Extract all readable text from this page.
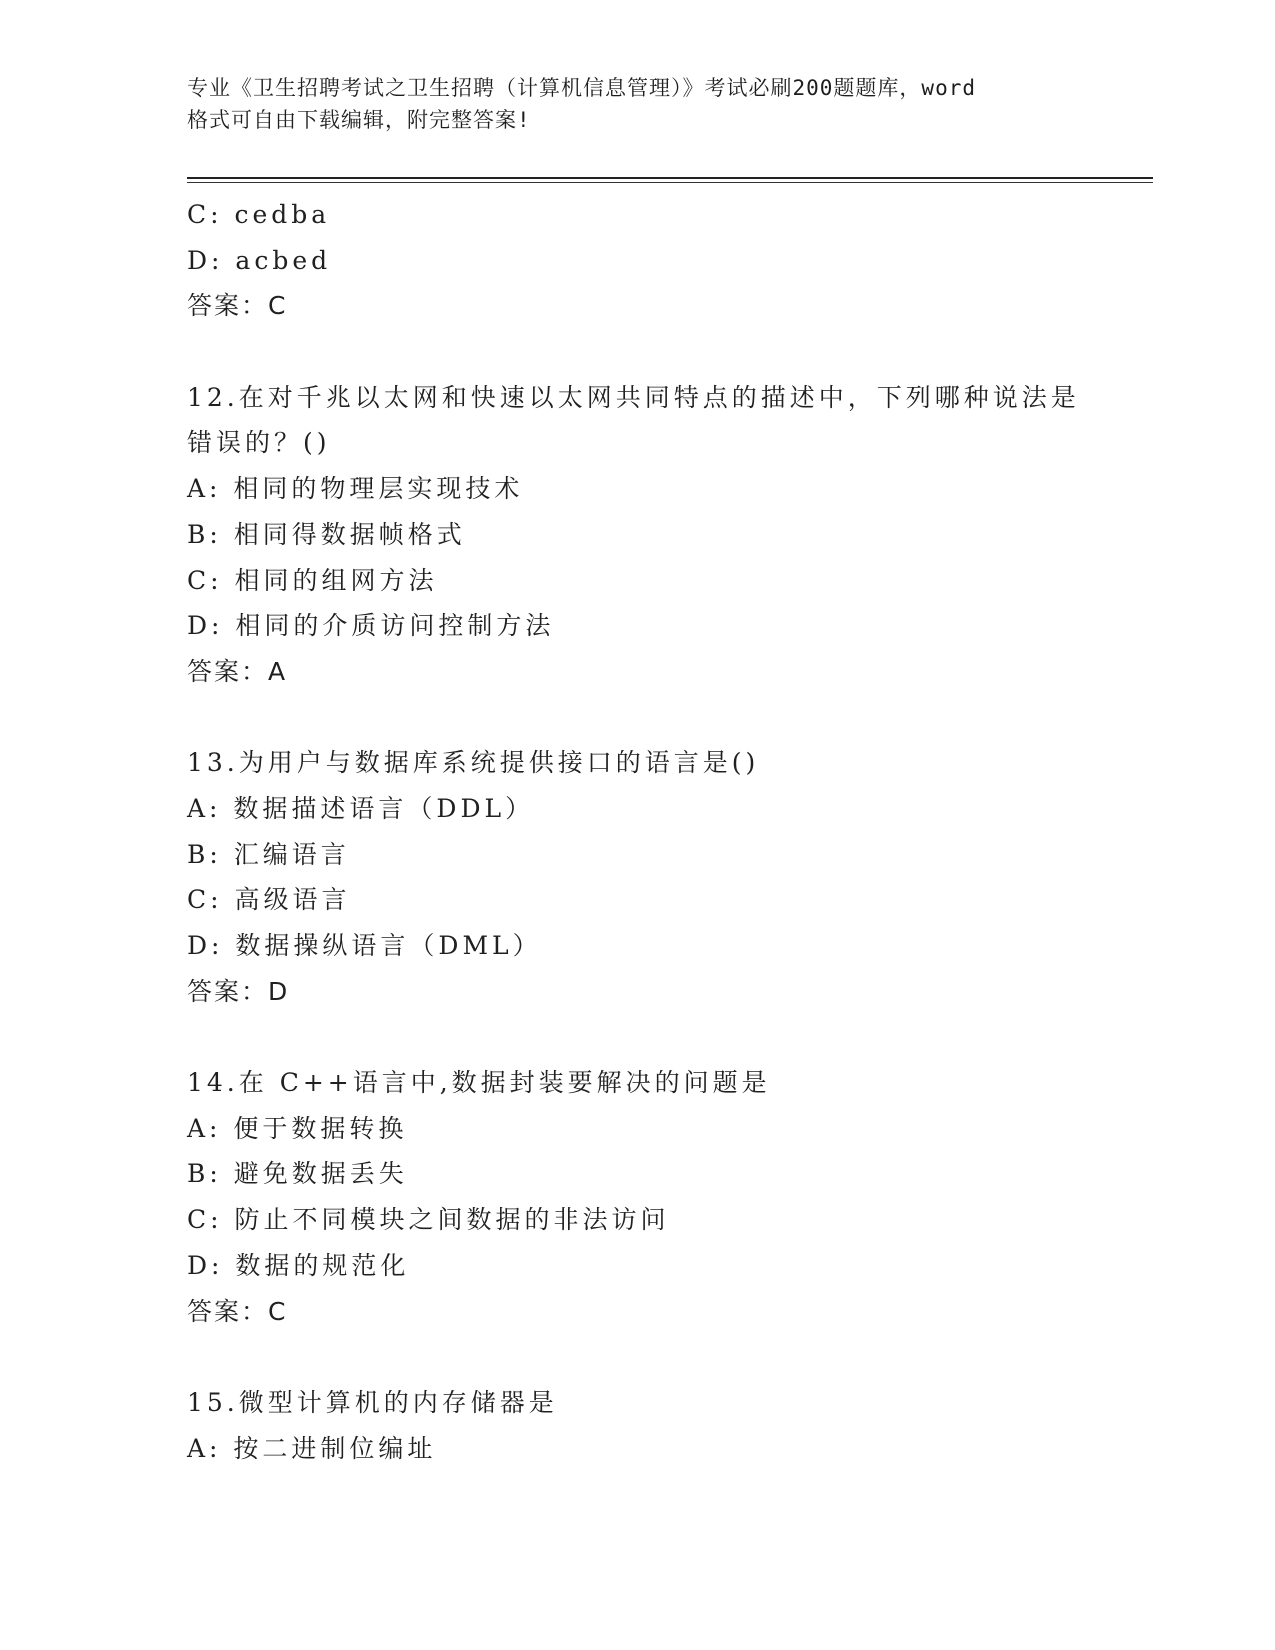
专业《卫生招聘考试之卫生招聘（计算机信息管理）》考试必刷200题题库，word
格式可自由下载编辑，附完整答案!

C: cedba

D: acbed

答案：C

12.在对千兆以太网和快速以太网共同特点的描述中，下列哪种说法是

错误的？()

A: 相同的物理层实现技术

B: 相同得数据帧格式

C: 相同的组网方法

D: 相同的介质访问控制方法

答案：A

13.为用户与数据库系统提供接口的语言是()

A: 数据描述语言（DDL）

B: 汇编语言

C: 高级语言

D: 数据操纵语言（DML）

答案：D

14.在 C++语言中,数据封装要解决的问题是

A: 便于数据转换

B: 避免数据丢失

C: 防止不同模块之间数据的非法访问

D: 数据的规范化

答案：C

15.微型计算机的内存储器是

A: 按二进制位编址
